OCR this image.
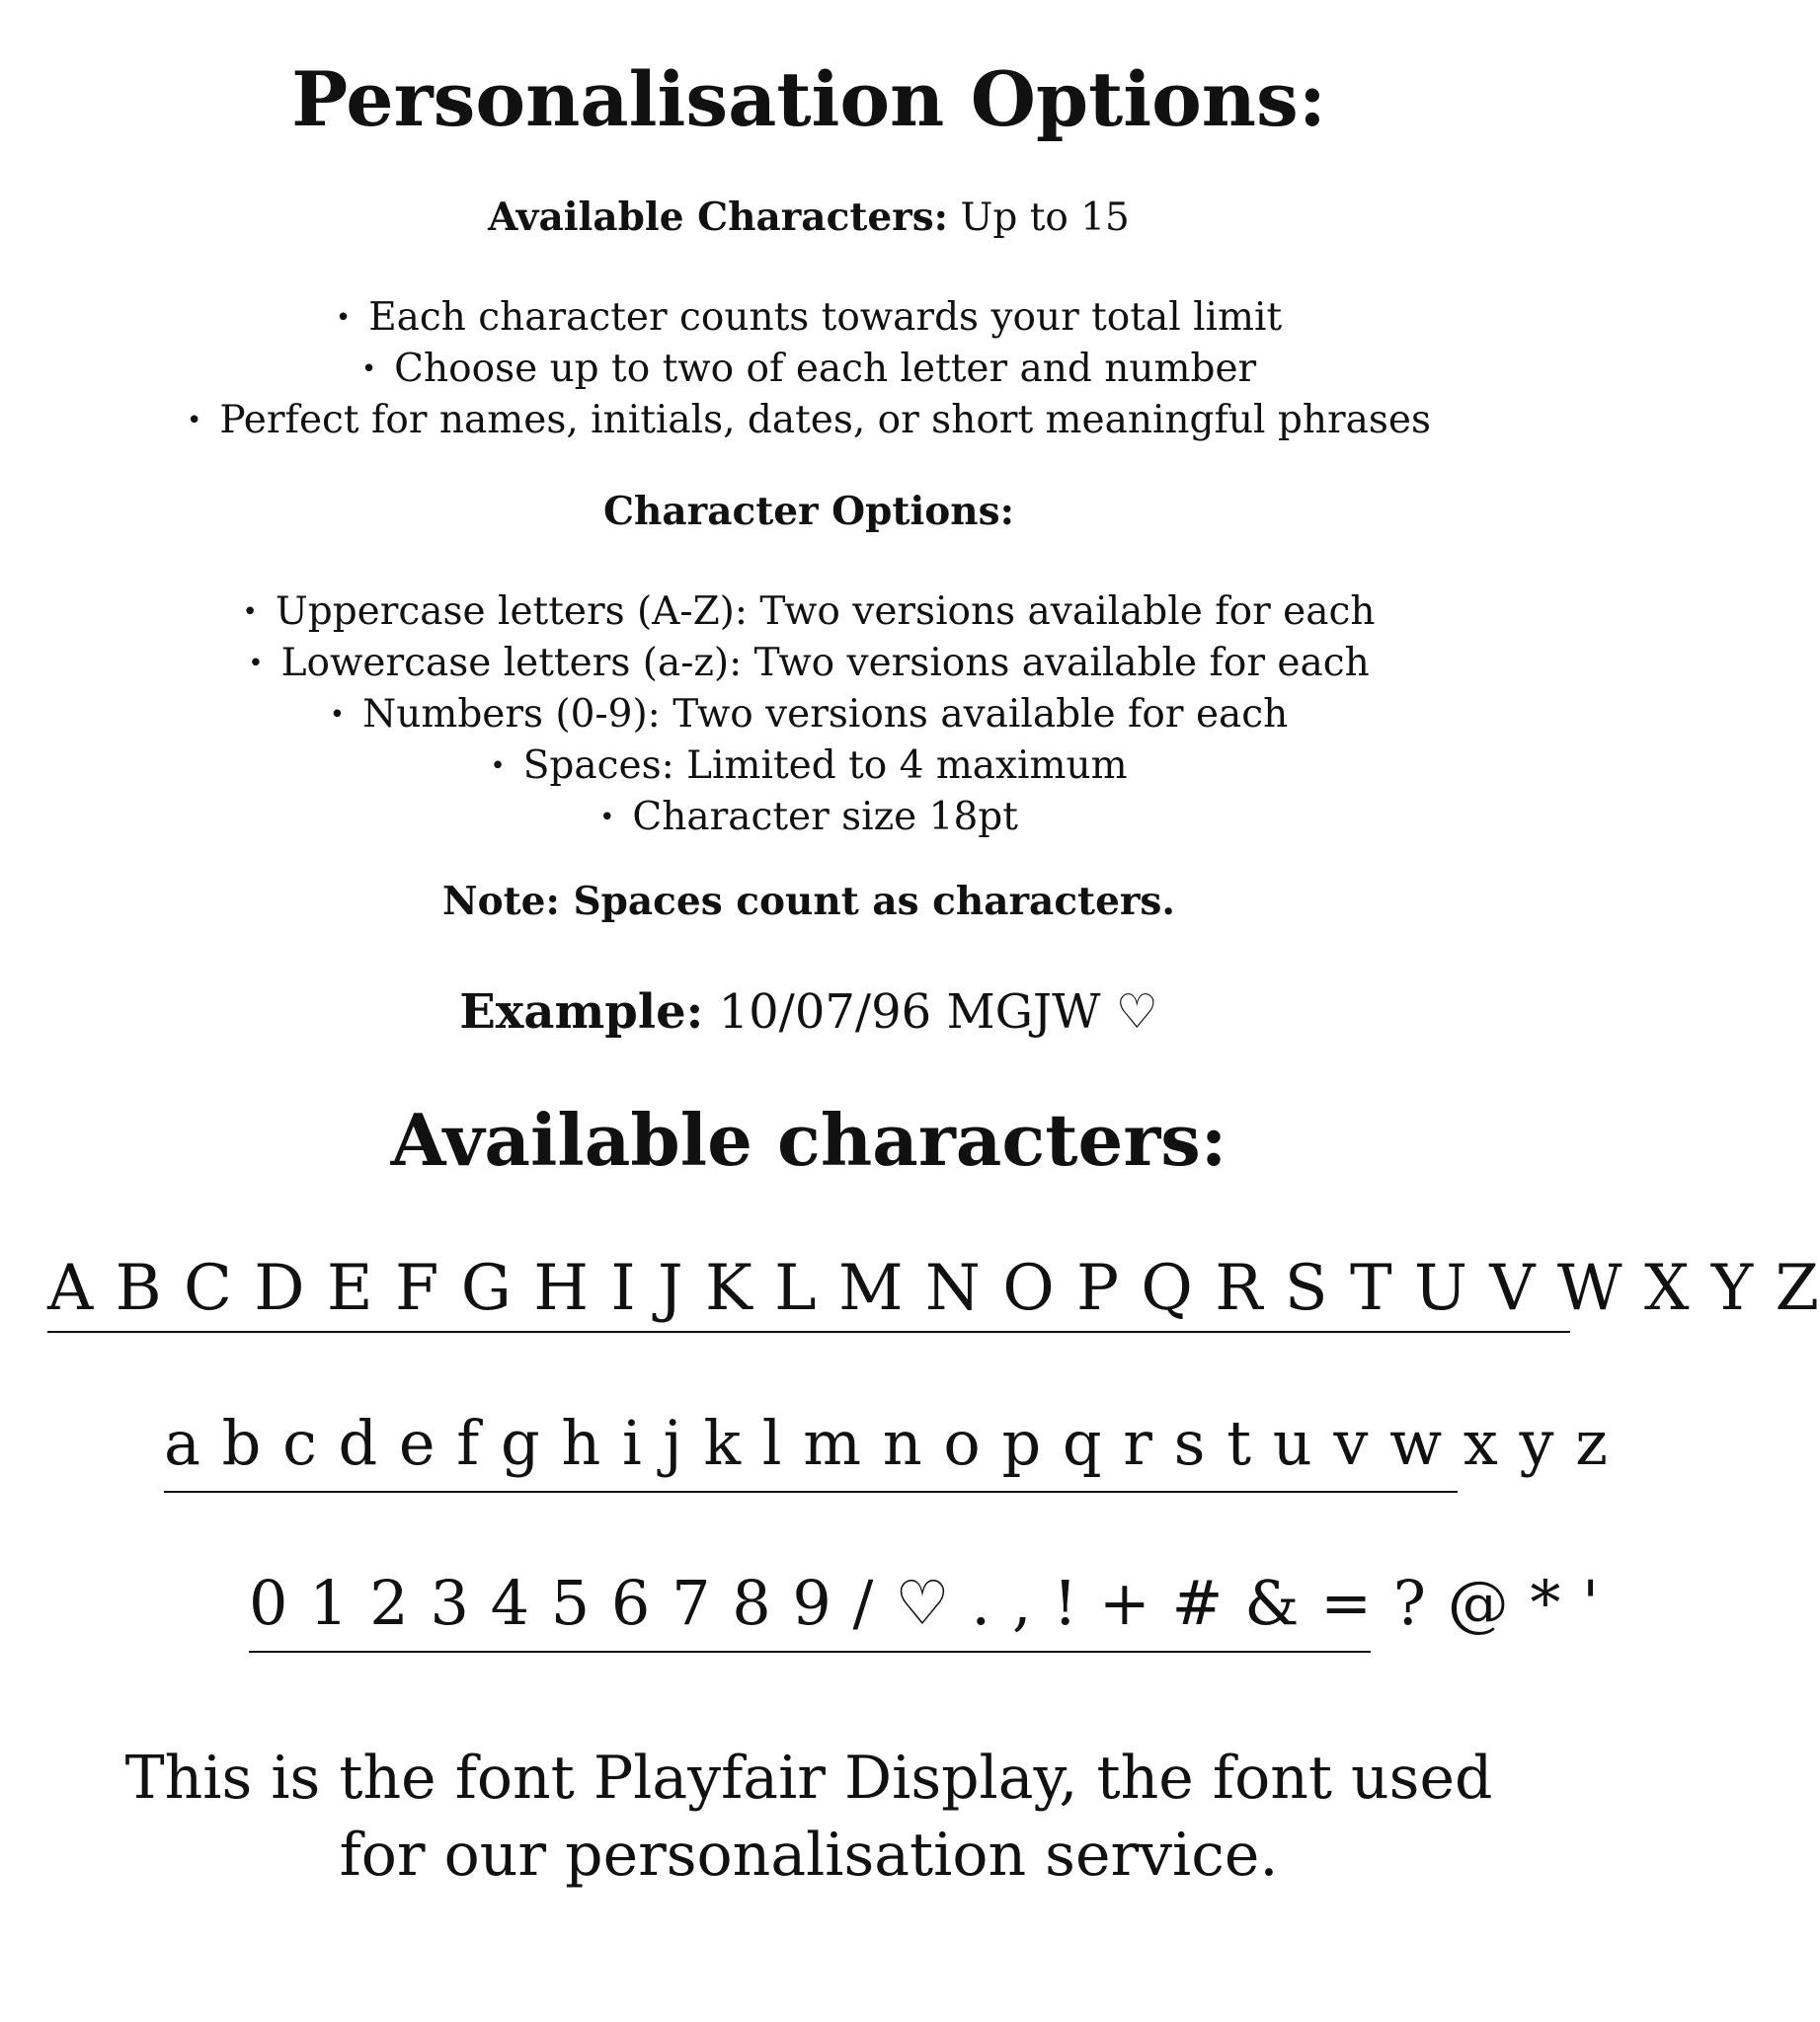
Personalisation Options:
Available Characters: Up to 15
• Each character counts towards your total limit
• Choose up to two of each letter and number
• Perfect for names, initials, dates, or short meaningful phrases
Character Options:
• Uppercase letters (A-Z): Two versions available for each
• Lowercase letters (a-z): Two versions available for each
• Numbers (0-9): Two versions available for each
• Spaces: Limited to 4 maximum
• Character size 18pt
Note: Spaces count as characters.
Example: 10/07/96 MGJW ♡
Available characters:
A B C D E F G H I J K L M N O P Q R S T U V W X Y Z
a b c d e f g h i j k l m n o p q r s t u v w x y z
0 1 2 3 4 5 6 7 8 9 / ♡ . , ! + # & = ? @ * '
This is the font Playfair Display, the font used for our personalisation service.
